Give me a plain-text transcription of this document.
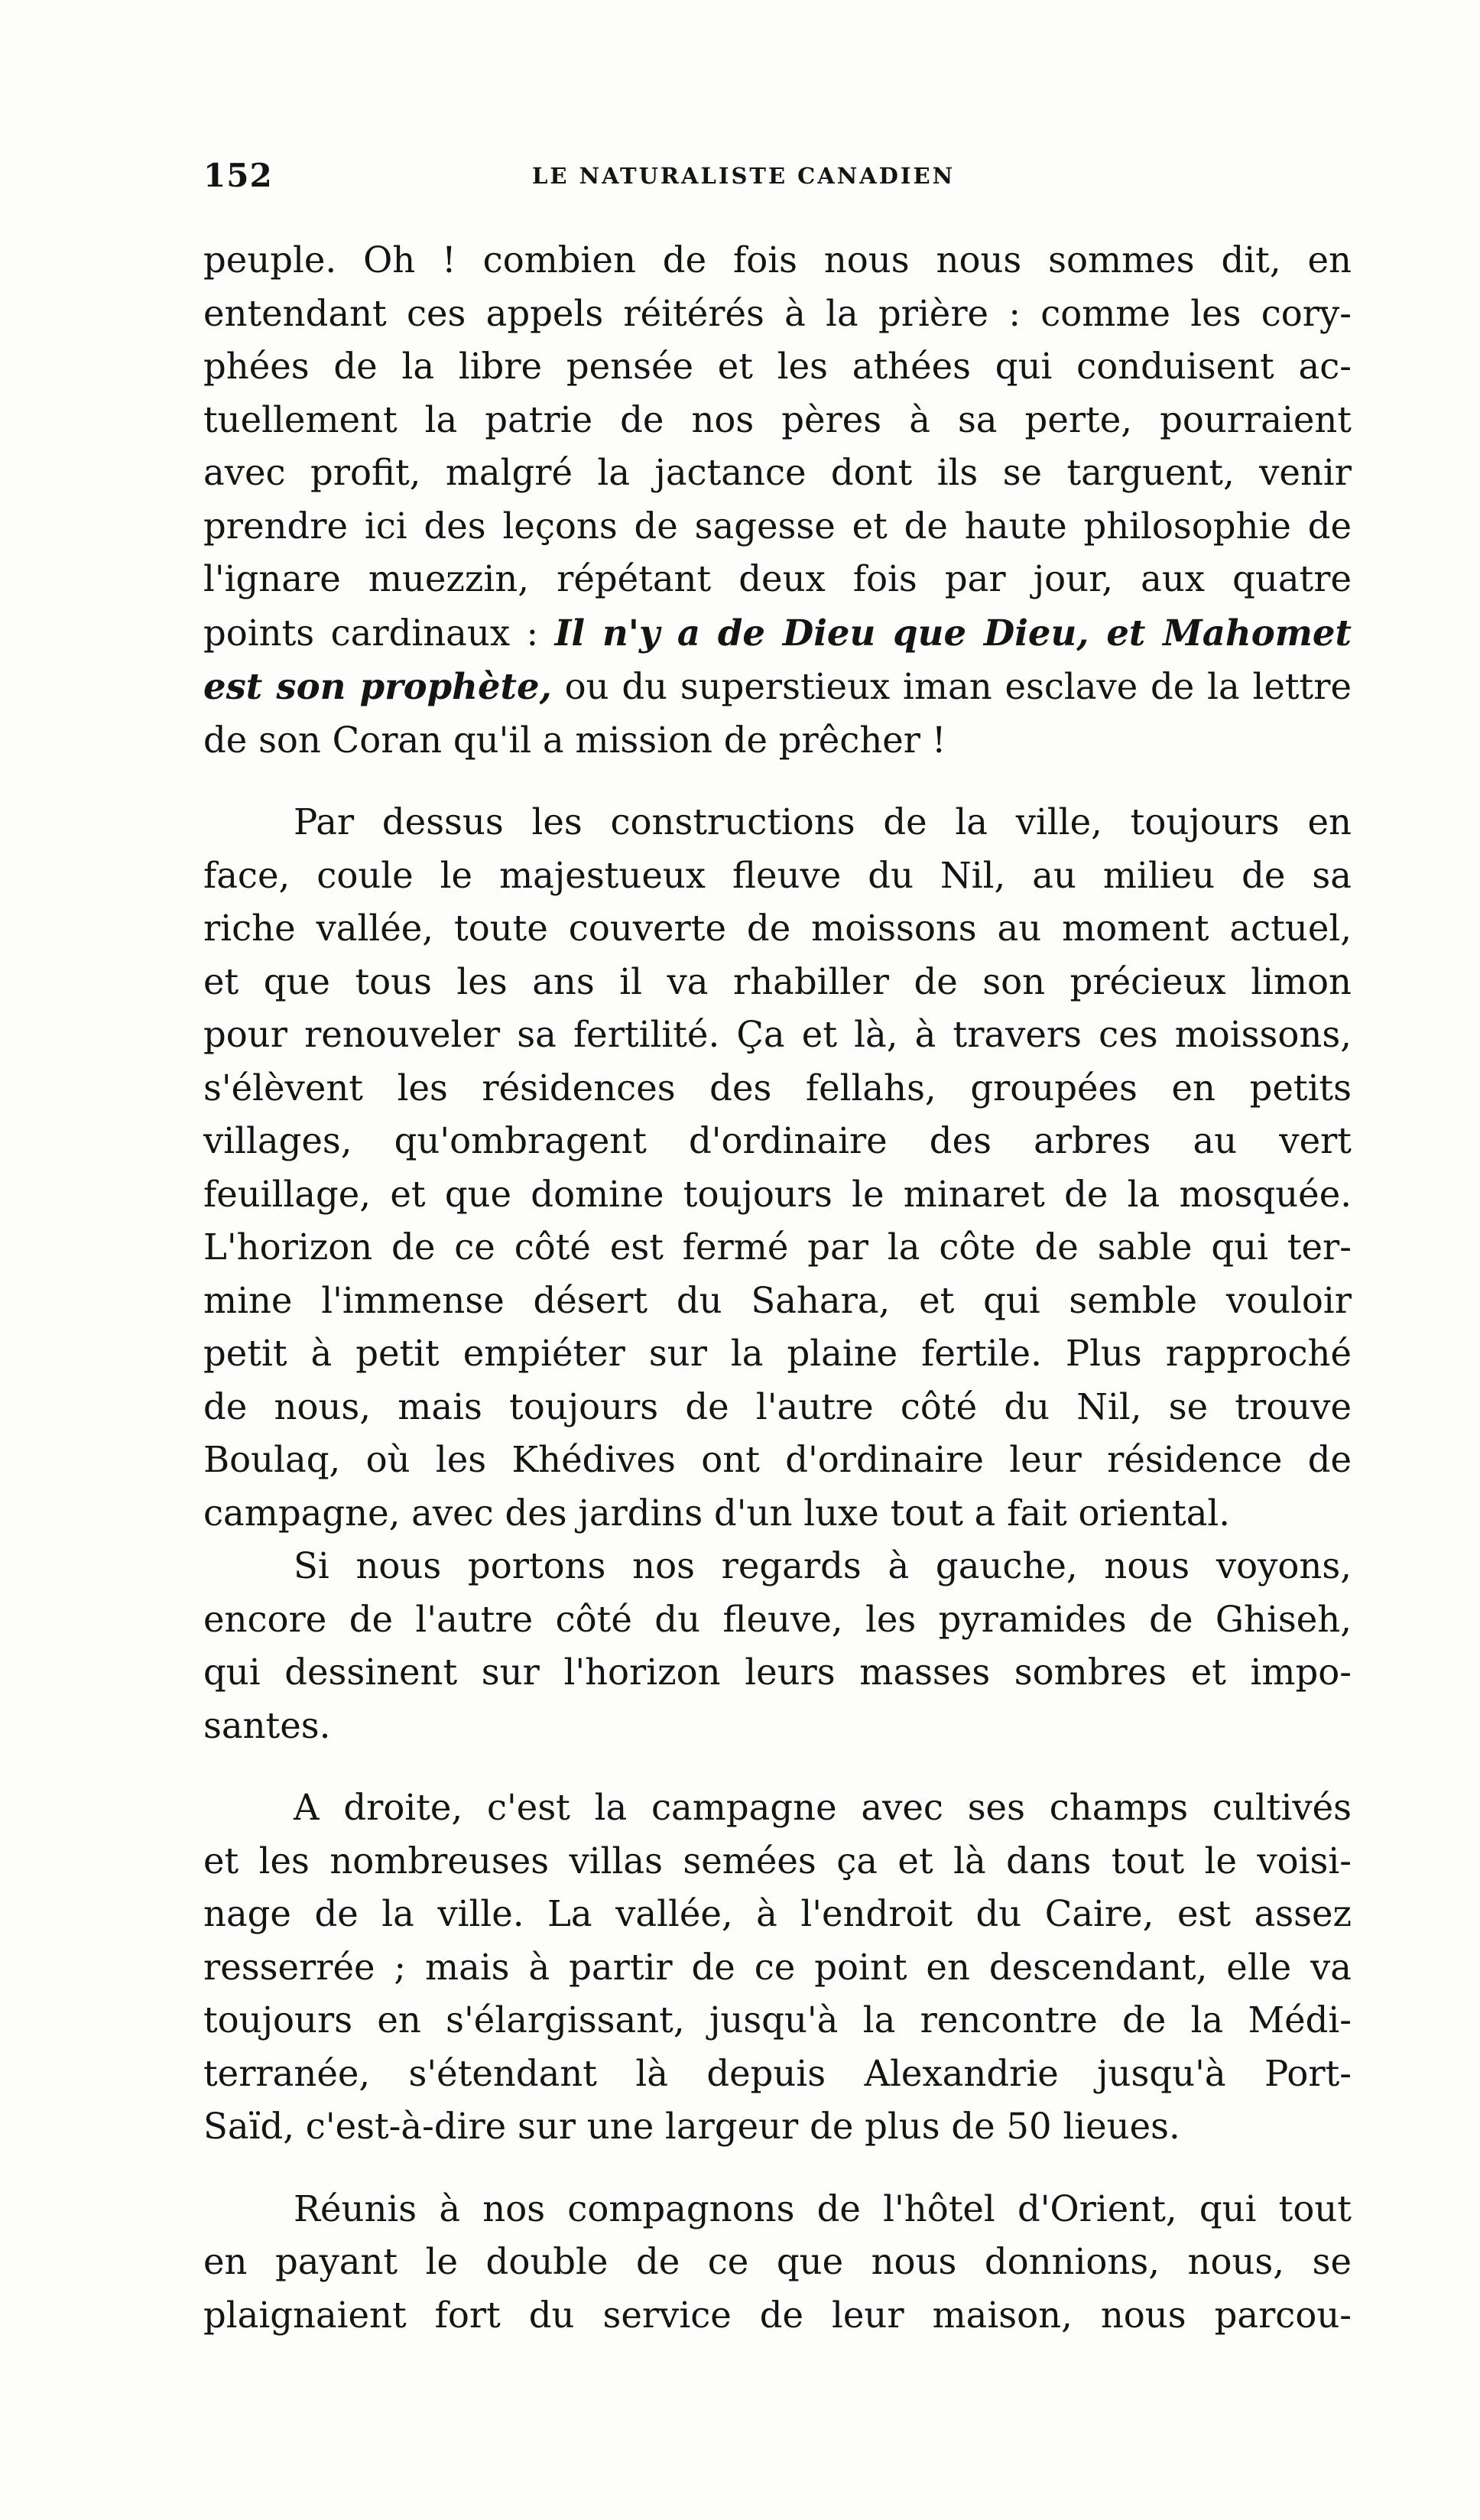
152	LE NATURALISTE CANADIEN

peuple. Oh ! combien de fois nous nous sommes dit, en
entendant ces appels réitérés à la prière : comme les cory-
phées de la libre pensée et les athées qui conduisent ac-
tuellement la patrie de nos pères à sa perte, pourraient
avec profit, malgré la jactance dont ils se targuent, venir
prendre ici des leçons de sagesse et de haute philosophie de
l'ignare muezzin, répétant deux fois par jour, aux quatre
points cardinaux : Il n'y a de Dieu que Dieu, et Mahomet
est son prophète, ou du superstieux iman esclave de la lettre
de son Coran qu'il a mission de prêcher !

Par dessus les constructions de la ville, toujours en
face, coule le majestueux fleuve du Nil, au milieu de sa
riche vallée, toute couverte de moissons au moment actuel,
et que tous les ans il va rhabiller de son précieux limon
pour renouveler sa fertilité. Ça et là, à travers ces moissons,
s'élèvent les résidences des fellahs, groupées en petits
villages, qu'ombragent d'ordinaire des arbres au vert
feuillage, et que domine toujours le minaret de la mosquée.
L'horizon de ce côté est fermé par la côte de sable qui ter-
mine l'immense désert du Sahara, et qui semble vouloir
petit à petit empiéter sur la plaine fertile. Plus rapproché
de nous, mais toujours de l'autre côté du Nil, se trouve
Boulaq, où les Khédives ont d'ordinaire leur résidence de
campagne, avec des jardins d'un luxe tout a fait oriental.

Si nous portons nos regards à gauche, nous voyons,
encore de l'autre côté du fleuve, les pyramides de Ghiseh,
qui dessinent sur l'horizon leurs masses sombres et impo-
santes.

A droite, c'est la campagne avec ses champs cultivés
et les nombreuses villas semées ça et là dans tout le voisi-
nage de la ville. La vallée, à l'endroit du Caire, est assez
resserrée ; mais à partir de ce point en descendant, elle va
toujours en s'élargissant, jusqu'à la rencontre de la Médi-
terranée, s'étendant là depuis Alexandrie jusqu'à Port-
Saïd, c'est-à-dire sur une largeur de plus de 50 lieues.

Réunis à nos compagnons de l'hôtel d'Orient, qui tout
en payant le double de ce que nous donnions, nous, se
plaignaient fort du service de leur maison, nous parcou-
